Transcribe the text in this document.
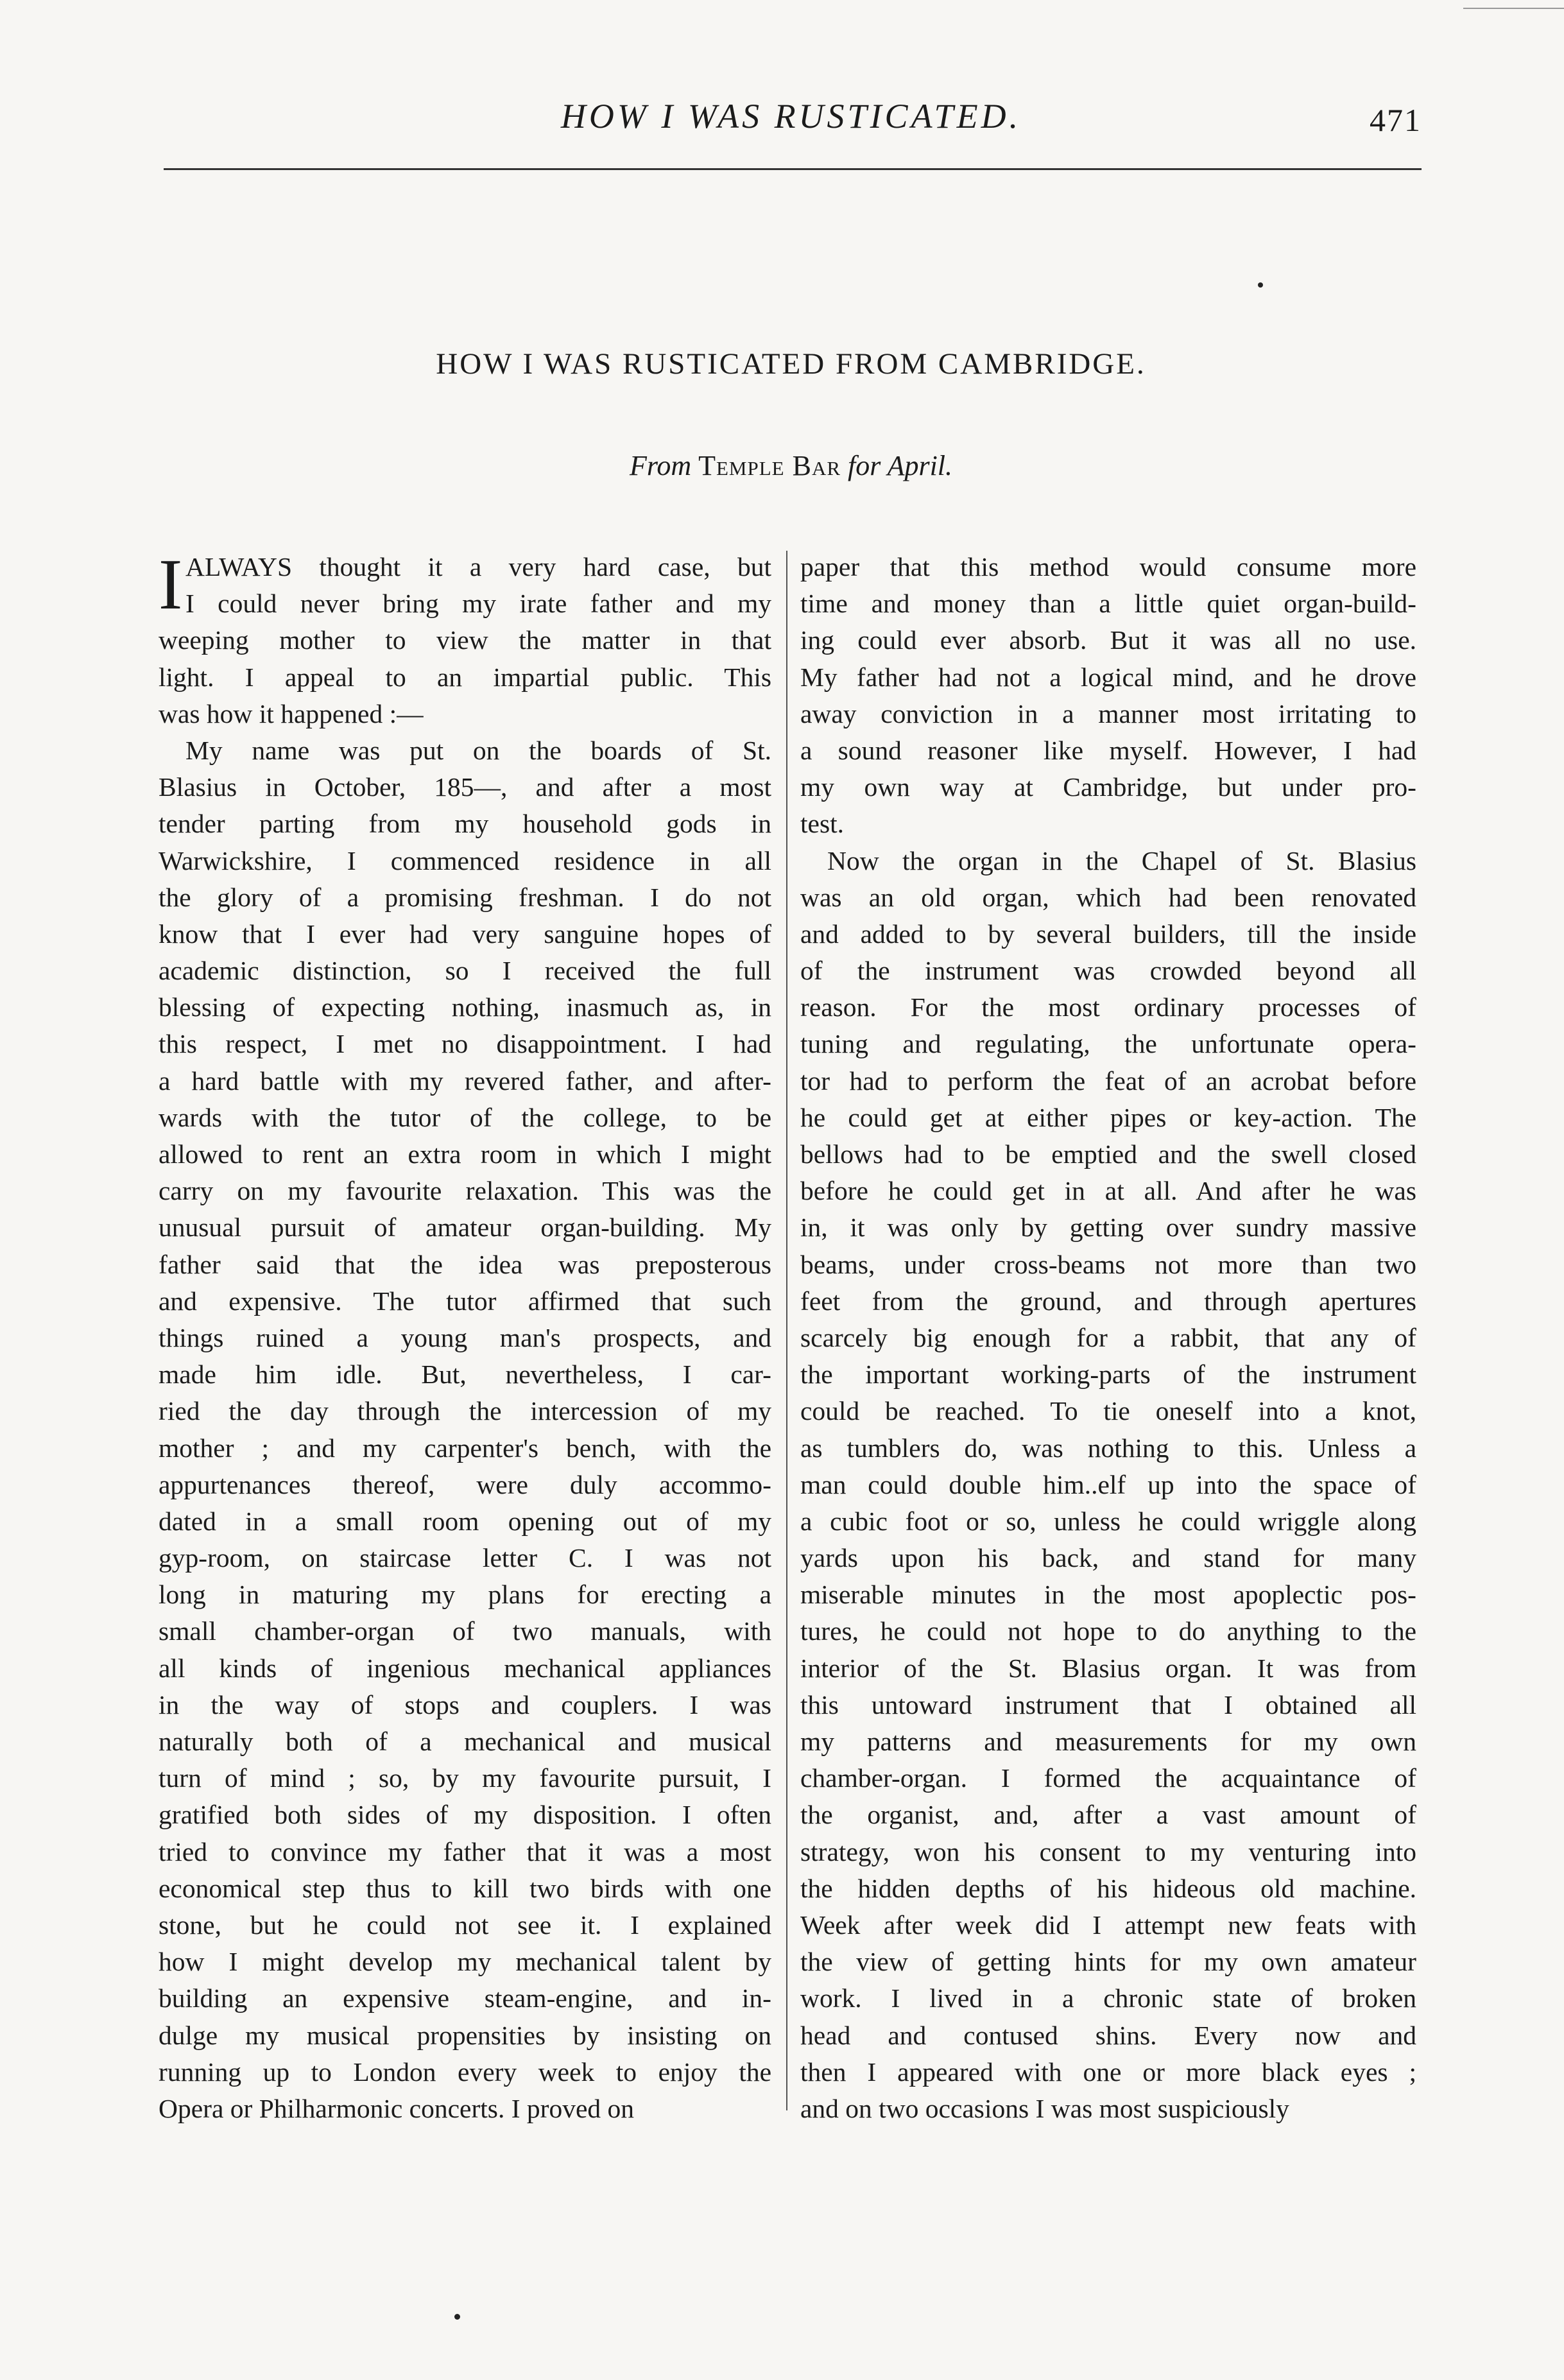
HOW I WAS RUSTICATED.	471
HOW I WAS RUSTICATED FROM CAMBRIDGE.
From Temple Bar for April.
I ALWAYS thought it a very hard case, but
I could never bring my irate father and my
weeping mother to view the matter in that
light. I appeal to an impartial public. This
was how it happened :—
My name was put on the boards of St.
Blasius in October, 185—, and after a most
tender parting from my household gods in
Warwickshire, I commenced residence in all
the glory of a promising freshman. I do not
know that I ever had very sanguine hopes of
academic distinction, so I received the full
blessing of expecting nothing, inasmuch as, in
this respect, I met no disappointment. I had
a hard battle with my revered father, and after-
wards with the tutor of the college, to be
allowed to rent an extra room in which I might
carry on my favourite relaxation. This was the
unusual pursuit of amateur organ-building. My
father said that the idea was preposterous
and expensive. The tutor affirmed that such
things ruined a young man's prospects, and
made him idle. But, nevertheless, I car-
ried the day through the intercession of my
mother ; and my carpenter's bench, with the
appurtenances thereof, were duly accommo-
dated in a small room opening out of my
gyp-room, on staircase letter C. I was not
long in maturing my plans for erecting a
small chamber-organ of two manuals, with
all kinds of ingenious mechanical appliances
in the way of stops and couplers. I was
naturally both of a mechanical and musical
turn of mind ; so, by my favourite pursuit, I
gratified both sides of my disposition. I often
tried to convince my father that it was a most
economical step thus to kill two birds with one
stone, but he could not see it. I explained
how I might develop my mechanical talent by
building an expensive steam-engine, and in-
dulge my musical propensities by insisting on
running up to London every week to enjoy the
Opera or Philharmonic concerts. I proved on
paper that this method would consume more
time and money than a little quiet organ-build-
ing could ever absorb. But it was all no use.
My father had not a logical mind, and he drove
away conviction in a manner most irritating to
a sound reasoner like myself. However, I had
my own way at Cambridge, but under pro-
test.
Now the organ in the Chapel of St. Blasius
was an old organ, which had been renovated
and added to by several builders, till the inside
of the instrument was crowded beyond all
reason. For the most ordinary processes of
tuning and regulating, the unfortunate opera-
tor had to perform the feat of an acrobat before
he could get at either pipes or key-action. The
bellows had to be emptied and the swell closed
before he could get in at all. And after he was
in, it was only by getting over sundry massive
beams, under cross-beams not more than two
feet from the ground, and through apertures
scarcely big enough for a rabbit, that any of
the important working-parts of the instrument
could be reached. To tie oneself into a knot,
as tumblers do, was nothing to this. Unless a
man could double him..elf up into the space of
a cubic foot or so, unless he could wriggle along
yards upon his back, and stand for many
miserable minutes in the most apoplectic pos-
tures, he could not hope to do anything to the
interior of the St. Blasius organ. It was from
this untoward instrument that I obtained all
my patterns and measurements for my own
chamber-organ. I formed the acquaintance of
the organist, and, after a vast amount of
strategy, won his consent to my venturing into
the hidden depths of his hideous old machine.
Week after week did I attempt new feats with
the view of getting hints for my own amateur
work. I lived in a chronic state of broken
head and contused shins. Every now and
then I appeared with one or more black eyes ;
and on two occasions I was most suspiciously
